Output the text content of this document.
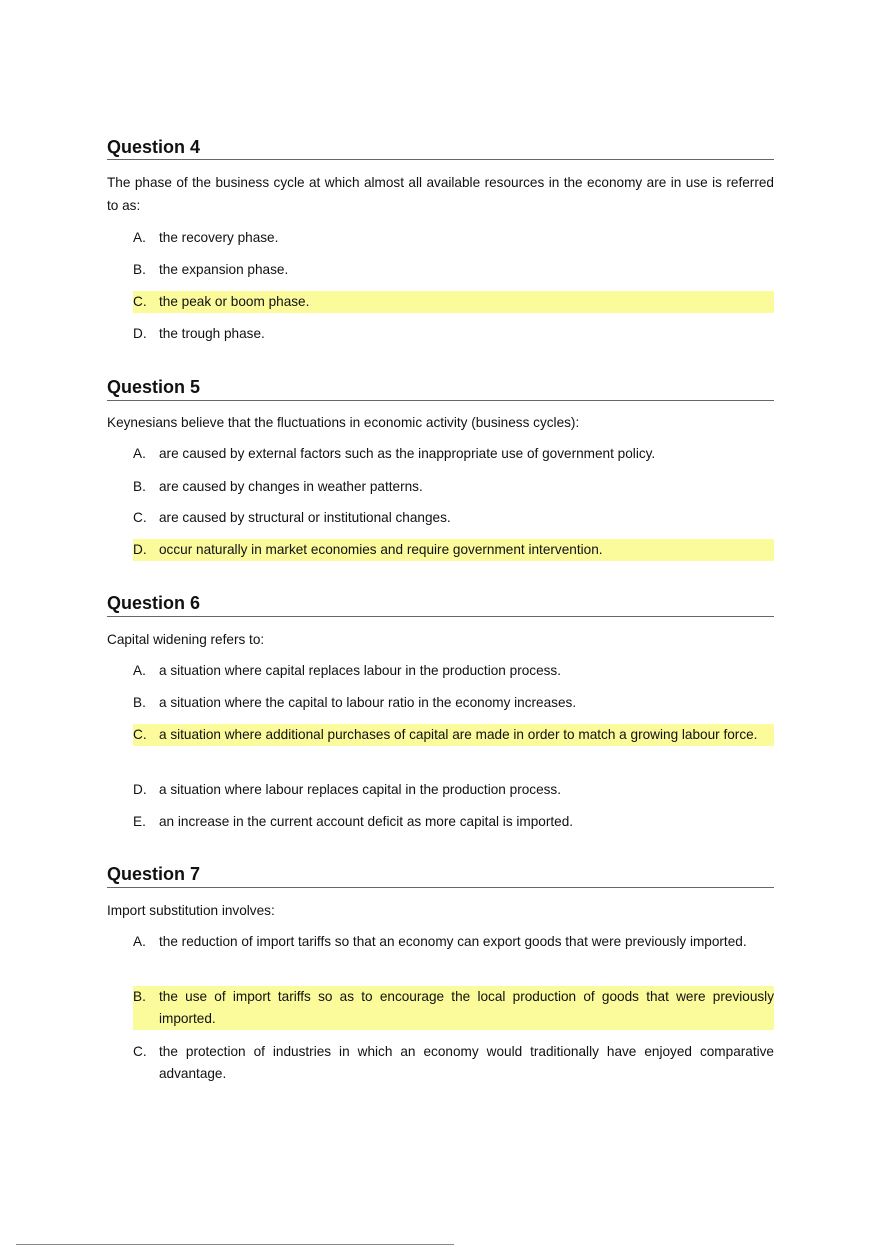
Question 4
The phase of the business cycle at which almost all available resources in the economy are in use is referred to as:
A. the recovery phase.
B. the expansion phase.
C. the peak or boom phase.
D. the trough phase.
Question 5
Keynesians believe that the fluctuations in economic activity (business cycles):
A. are caused by external factors such as the inappropriate use of government policy.
B. are caused by changes in weather patterns.
C. are caused by structural or institutional changes.
D. occur naturally in market economies and require government intervention.
Question 6
Capital widening refers to:
A. a situation where capital replaces labour in the production process.
B. a situation where the capital to labour ratio in the economy increases.
C. a situation where additional purchases of capital are made in order to match a growing labour force.
D. a situation where labour replaces capital in the production process.
E. an increase in the current account deficit as more capital is imported.
Question 7
Import substitution involves:
A. the reduction of import tariffs so that an economy can export goods that were previously imported.
B. the use of import tariffs so as to encourage the local production of goods that were previously imported.
C. the protection of industries in which an economy would traditionally have enjoyed comparative advantage.
